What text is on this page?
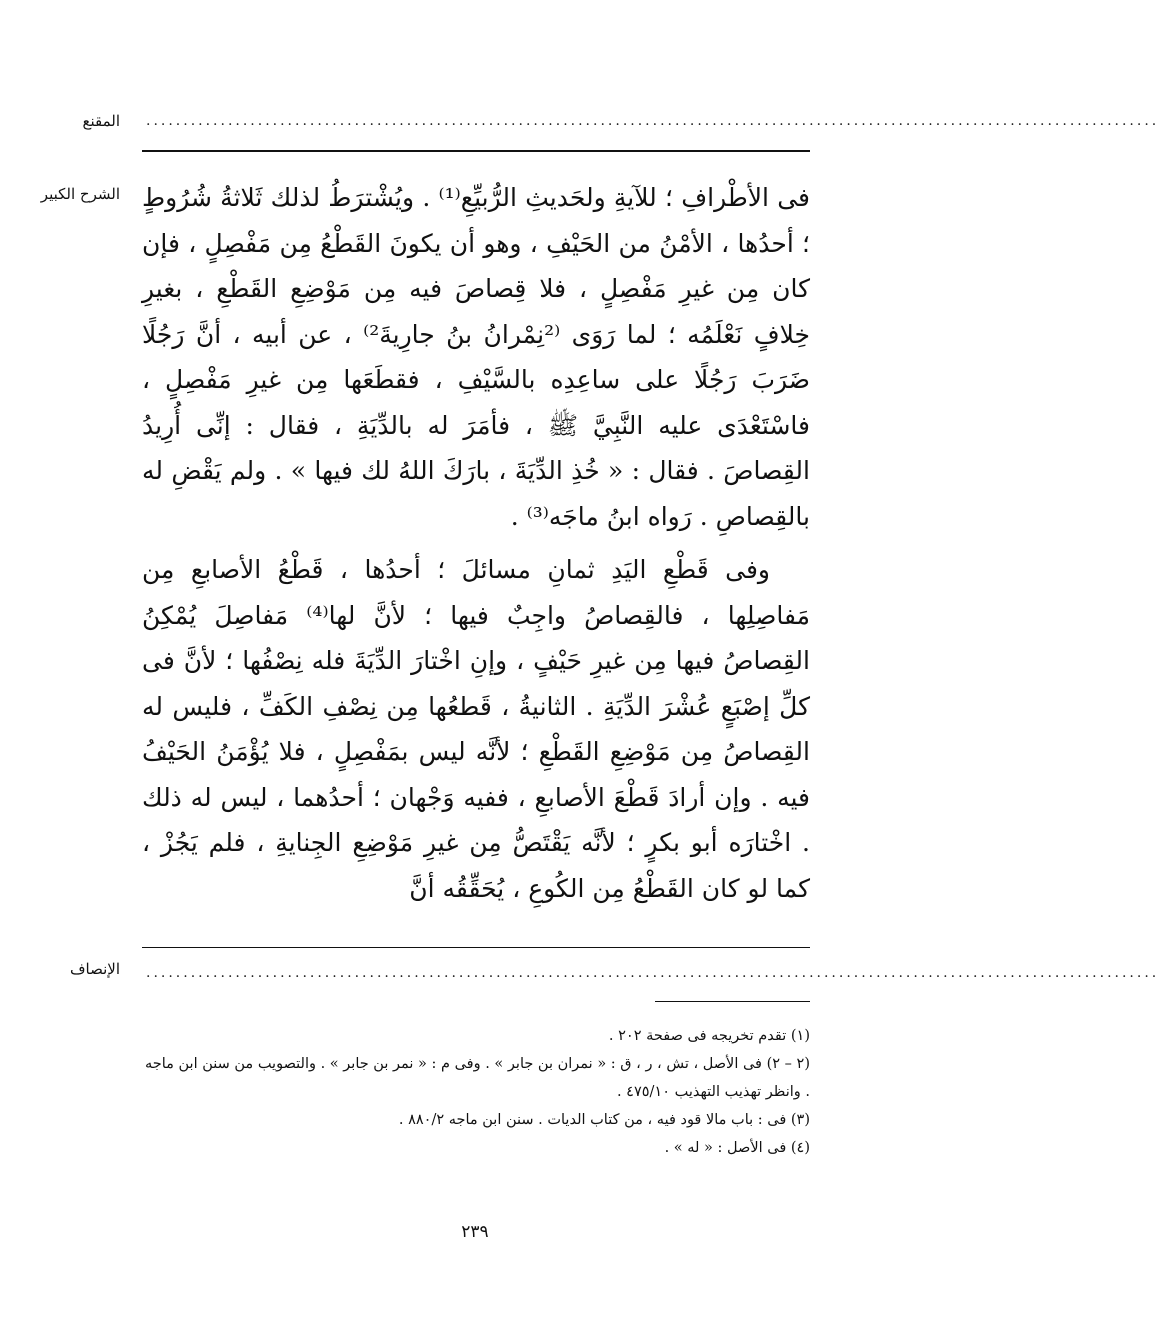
المقنع ........................................................................................................................................
الشرح الكبير فى الأطْرافِ ؛ للآيةِ ولحَديثِ الرُّبيِّعِ⁽¹⁾ . ويُشْترَطُ لذلك ثَلاثةُ شُرُوطٍ ؛ أحدُها ، الأمْنُ من الحَيْفِ ، وهو أن يكونَ القَطْعُ مِن مَفْصِلٍ ، فإن كان مِن غيرِ مَفْصِلٍ ، فلا قِصاصَ فيه مِن مَوْضِعِ القَطْعِ ، بغيرِ خِلافٍ نَعْلَمُه ؛ لما رَوَى ⁽²نِمْرانُ بنُ جارِيةَ²⁾ ، عن أبيه ، أنَّ رَجُلًا ضَرَبَ رَجُلًا على ساعِدِه بالسَّيْفِ ، فقطَعَها مِن غيرِ مَفْصِلٍ ، فاسْتَعْدَى عليه النَّبِيَّ ﷺ ، فأمَرَ له بالدِّيَةِ ، فقال : إنِّى أُرِيدُ القِصاصَ . فقال : « خُذِ الدِّيَةَ ، بارَكَ اللهُ لك فيها » . ولم يَقْضِ له بالقِصاصِ . رَواه ابنُ ماجَه⁽³⁾ .

وفى قَطْعِ اليَدِ ثمانِ مسائلَ ؛ أحدُها ، قَطْعُ الأصابعِ مِن مَفاصِلِها ، فالقِصاصُ واجِبٌ فيها ؛ لأنَّ لها⁽⁴⁾ مَفاصِلَ يُمْكِنُ القِصاصُ فيها مِن غيرِ حَيْفٍ ، وإنِ اخْتارَ الدِّيَةَ فله نِصْفُها ؛ لأنَّ فى كلِّ إصْبَعٍ عُشْرَ الدِّيَةِ . الثانيةُ ، قَطعُها مِن نِصْفِ الكَفِّ ، فليس له القِصاصُ مِن مَوْضِعِ القَطْعِ ؛ لأنَّه ليس بمَفْصِلٍ ، فلا يُؤْمَنُ الحَيْفُ فيه . وإن أرادَ قَطْعَ الأصابعِ ، ففيه وَجْهان ؛ أحدُهما ، ليس له ذلك . اخْتارَه أبو بكرٍ ؛ لأنَّه يَقْتَصُّ مِن غيرِ مَوْضِعِ الجِنايةِ ، فلم يَجُزْ ، كما لو كان القَطْعُ مِن الكُوعِ ، يُحَقِّقُه أنَّ

الإنصاف ........................................................................................................................................
(١) تقدم تخريجه فى صفحة ٢٠٢ .
(٢ – ٢) فى الأصل ، تش ، ر ، ق : « نمران بن جابر » . وفى م : « نمر بن جابر » . والتصويب من سنن ابن ماجه . وانظر تهذيب التهذيب ٤٧٥/١٠ .
(٣) فى : باب مالا قود فيه ، من كتاب الديات . سنن ابن ماجه ٨٨٠/٢ .
(٤) فى الأصل : « له » .
٢٣٩
